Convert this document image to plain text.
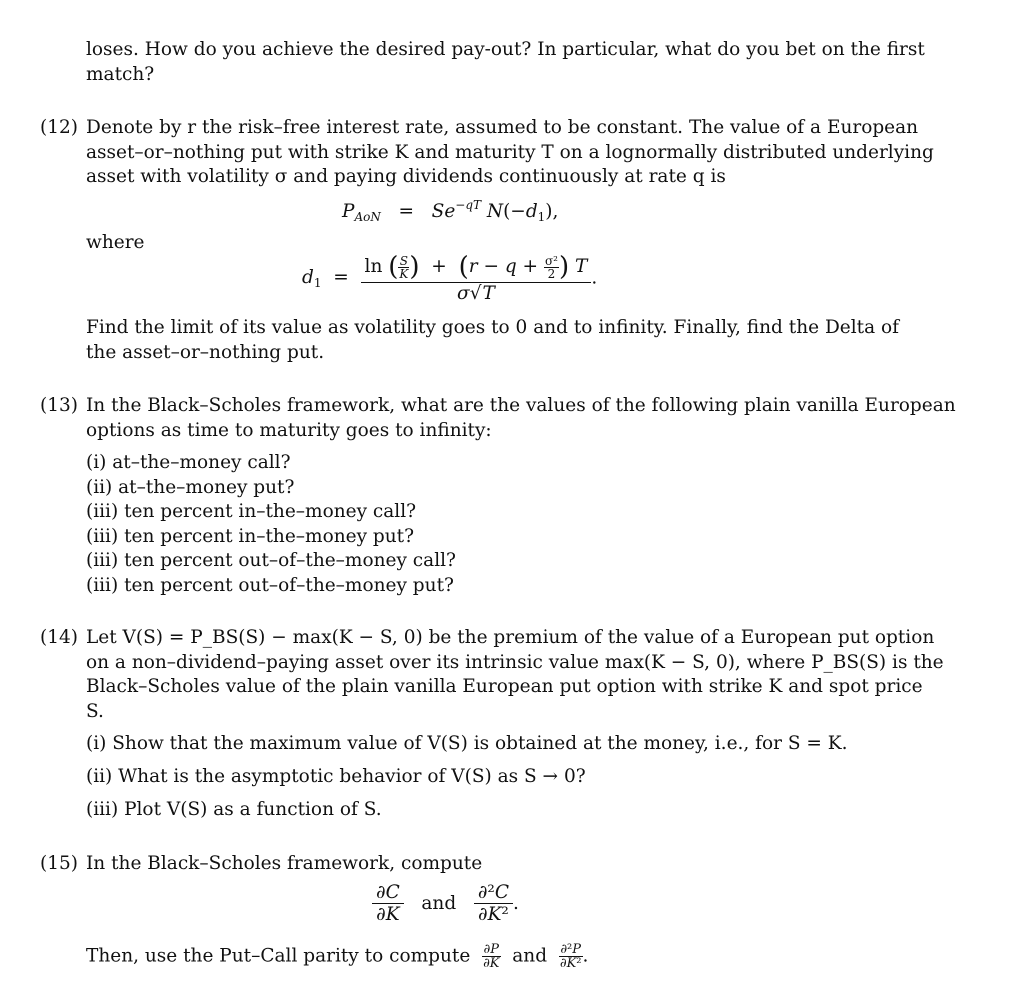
loses. How do you achieve the desired pay-out? In particular, what do you bet on the first
match?
(12) Denote by r the risk–free interest rate, assumed to be constant. The value of a European
asset–or–nothing put with strike K and maturity T on a lognormally distributed underlying
asset with volatility σ and paying dividends continuously at rate q is
$P_{AoN} = Se^{-qT}$ $N(-d_1)$,
where
$d_1 = \frac{\ln ( \frac{S}{K} ) + (r - q + \frac{\text{σ²}}{2} ) T}{\sigma√T}$ .
Find the limit of its value as volatility goes to 0 and to infinity. Finally, find the Delta of
the asset–or–nothing put.
(13) In the Black–Scholes framework, what are the values of the following plain vanilla European
options as time to maturity goes to infinity:
(i) at–the–money call?
(ii) at–the–money put?
(iii) ten percent in–the–money call?
(iii) ten percent in–the–money put?
(iii) ten percent out–of–the–money call?
(iii) ten percent out–of–the–money put?
(14) Let V(S) = P_BS(S) − max(K − S, 0) be the premium of the value of a European put option
on a non–dividend–paying asset over its intrinsic value max(K − S, 0), where P_BS(S) is the
Black–Scholes value of the plain vanilla European put option with strike K and spot price
S.
(i) Show that the maximum value of V(S) is obtained at the money, i.e., for S = K.
(ii) What is the asymptotic behavior of V(S) as S → 0?
(iii) Plot V(S) as a function of S.
(15) In the Black–Scholes framework, compute
$\frac{\partial C}{\partial K}$ and $\frac{\text{∂²C}}{\text{∂K²}}$ .
Then, use the Put–Call parity to compute $\frac{\partial P}{\partial K}$ and $\frac{\text{∂²P}}{\text{∂K²}}$ .
